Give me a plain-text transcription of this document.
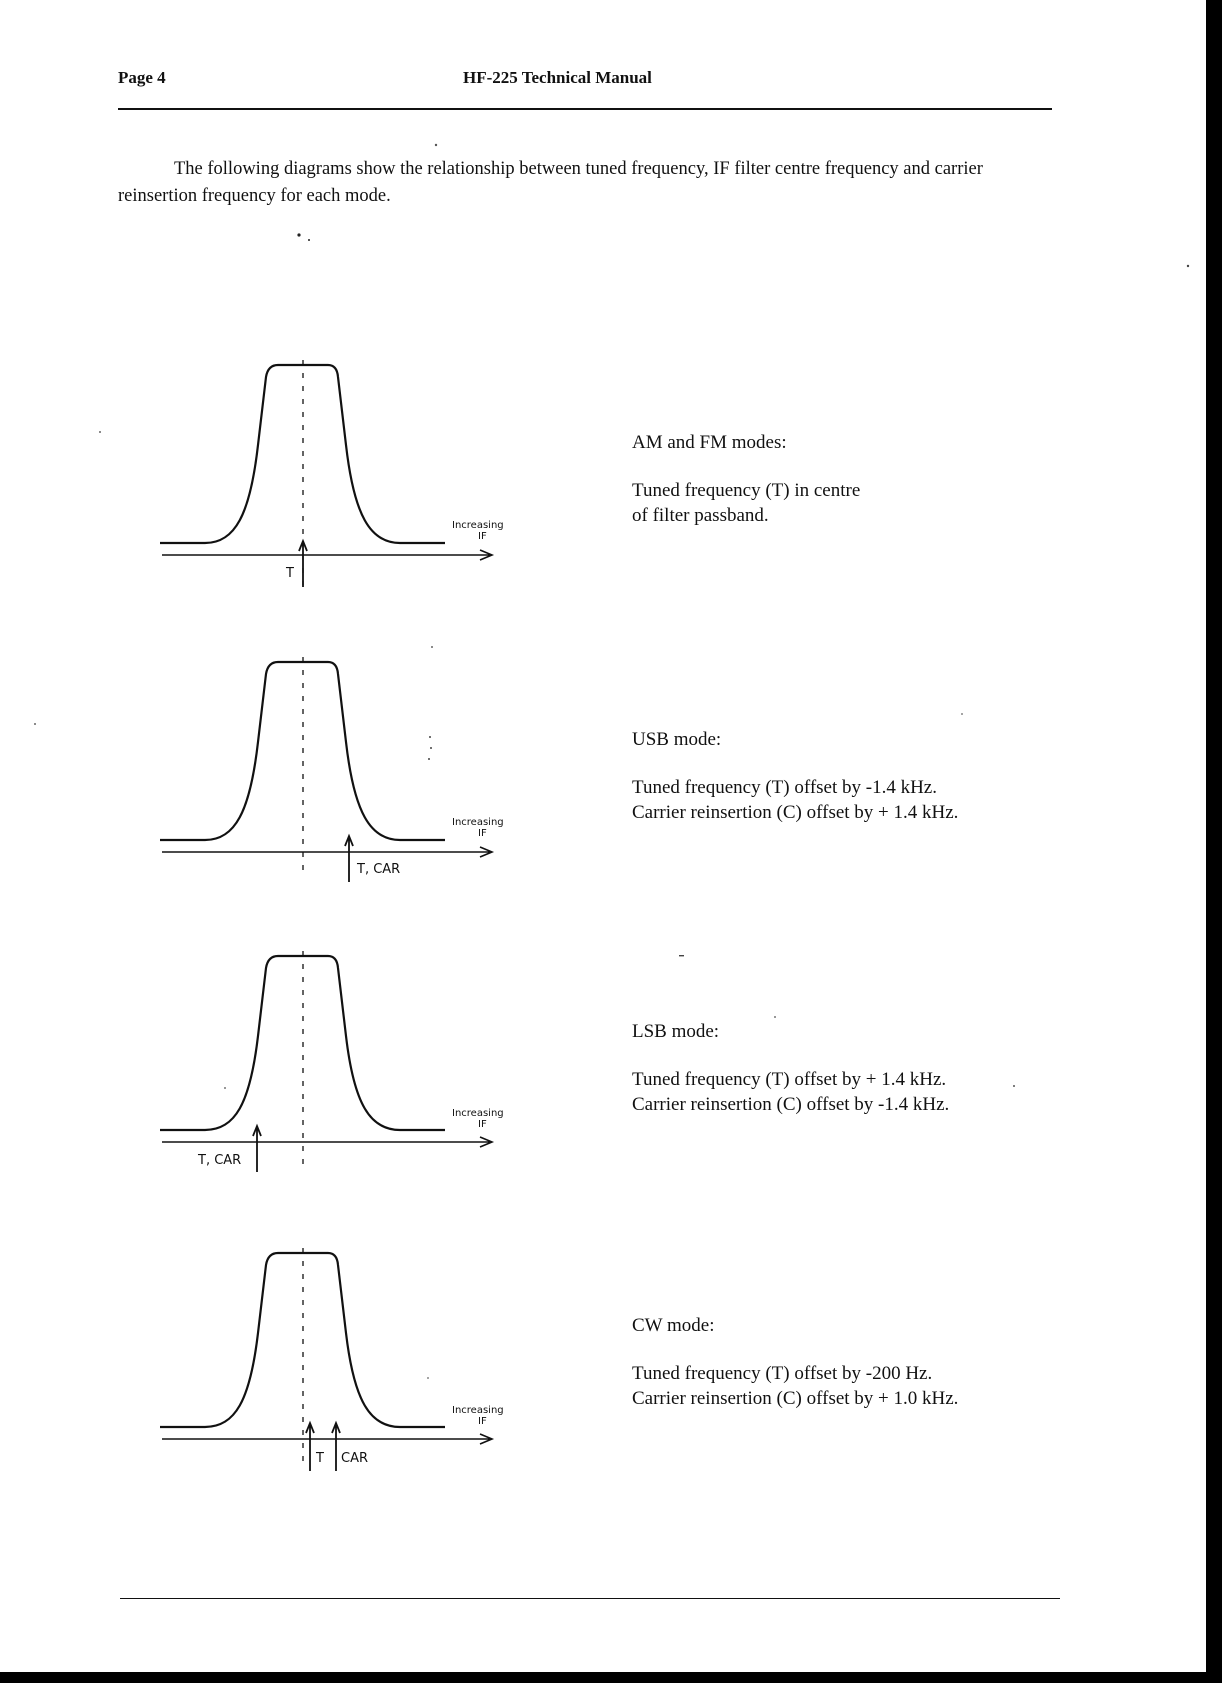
Page 4	HF-225 Technical Manual

The following diagrams show the relationship between tuned frequency, IF filter centre frequency and carrier reinsertion frequency for each mode.

Increasing
IF
T

AM and FM modes:

Tuned frequency (T) in centre

of filter passband.

Increasing
IF
T, CAR

USB mode:

Tuned frequency (T) offset by -1.4 kHz.

Carrier reinsertion (C) offset by + 1.4 kHz.

Increasing
IF
T, CAR

LSB mode:

Tuned frequency (T) offset by + 1.4 kHz.

Carrier reinsertion (C) offset by -1.4 kHz.

Increasing
IF
T CAR

CW mode:

Tuned frequency (T) offset by -200 Hz.

Carrier reinsertion (C) offset by + 1.0 kHz.
